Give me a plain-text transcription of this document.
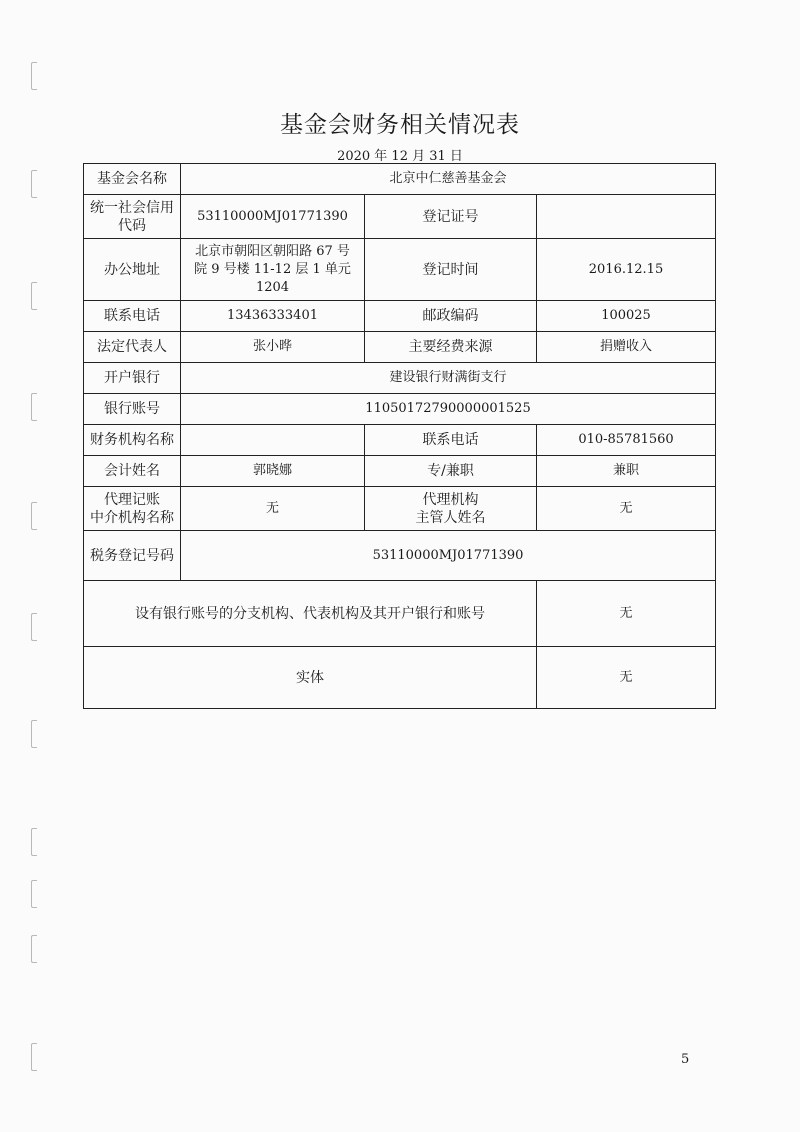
基金会财务相关情况表
2020 年 12 月 31 日
基金会名称	北京中仁慈善基金会		
统一社会信用
代码	53110000MJ01771390	登记证号	
办公地址	北京市朝阳区朝阳路 67 号
院 9 号楼 11-12 层 1 单元
1204	登记时间	2016.12.15
联系电话	13436333401	邮政编码	100025
法定代表人	张小晔	主要经费来源	捐赠收入
开户银行	建设银行财满街支行		
银行账号	11050172790000001525		
财务机构名称		联系电话	010-85781560
会计姓名	郭晓娜	专/兼职	兼职
代理记账
中介机构名称	无	代理机构
主管人姓名	无
税务登记号码	53110000MJ01771390		
设有银行账号的分支机构、代表机构及其开户银行和账号			无
实体			无
5
